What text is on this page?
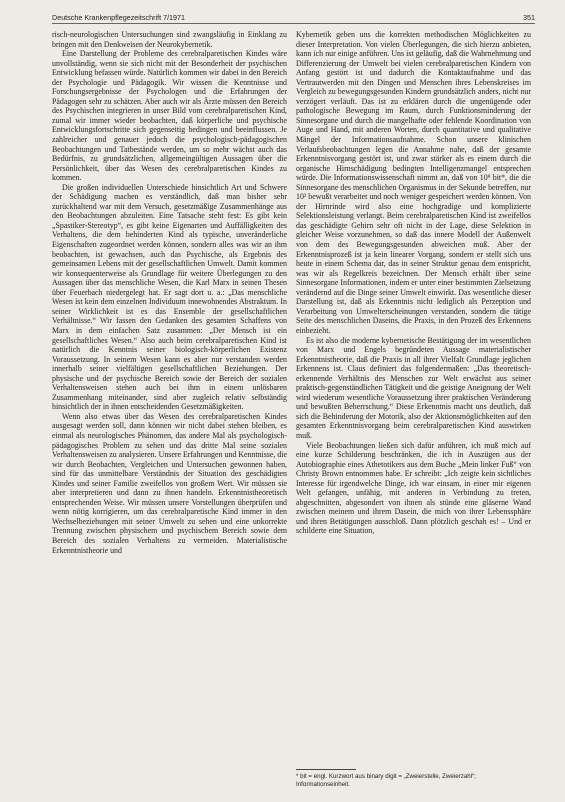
Deutsche Krankenpflegezeitschrift 7/1971	351

risch-neurologischen Untersuchungen sind zwangsläufig in Einklang zu bringen mit den Denkweisen der Neurokybernetik.

Eine Darstellung der Probleme des cerebralparetischen Kindes wäre unvollständig, wenn sie sich nicht mit der Besonderheit der psychischen Entwicklung befassen würde. Natürlich kommen wir dabei in den Bereich der Psychologie und Pädagogik. Wir wissen die Kenntnisse und Forschungsergebnisse der Psychologen und die Erfahrungen der Pädagogen sehr zu schätzen. Aber auch wir als Ärzte müssen den Bereich des Psychischen integrieren in unser Bild vom cerebralparetischen Kind, zumal wir immer wieder beobachten, daß körperliche und psychische Entwicklungsfortschritte sich gegenseitig bedingen und beeinflussen. Je zahlreicher und genauer jedoch die psychologisch-pädagogischen Beobachtungen und Tatbestände werden, um so mehr wächst auch das Bedürfnis, zu grundsätzlichen, allgemeingültigen Aussagen über die Persönlichkeit, über das Wesen des cerebralparetischen Kindes zu kommen.

Die großen individuellen Unterschiede hinsichtlich Art und Schwere der Schädigung machen es verständlich, daß man bisher sehr zurückhaltend war mit dem Versuch, gesetzmäßige Zusammenhänge aus den Beobachtungen abzuleiten. Eine Tatsache steht fest: Es gibt kein „Spastiker-Stereotyp“, es gibt keine Eigenarten und Auffälligkeiten des Verhaltens, die dem behinderten Kind als typische, unveränderliche Eigenschaften zugeordnet werden können, sondern alles was wir an ihm beobachten, ist gewachsen, auch das Psychische, als Ergebnis des gemeinsamen Lebens mit der gesellschaftlichen Umwelt. Damit kommen wir konsequenterweise als Grundlage für weitere Überlegungen zu den Aussagen über das menschliche Wesen, die Karl Marx in seinen Thesen über Feuerbach niedergelegt hat. Er sagt dort u. a.: „Das menschliche Wesen ist kein dem einzelnen Individuum innewohnendes Abstraktum. In seiner Wirklichkeit ist es das Ensemble der gesellschaftlichen Verhältnisse.“ Wir fassen den Gedanken des gesamten Schaffens von Marx in dem einfachen Satz zusammen: „Der Mensch ist ein gesellschaftliches Wesen.“ Also auch beim cerebralparetischen Kind ist natürlich die Kenntnis seiner biologisch-körperlichen Existenz Voraussetzung. In seinem Wesen kann es aber nur verstanden werden innerhalb seiner vielfältigen gesellschaftlichen Beziehungen. Der physische und der psychische Bereich sowie der Bereich der sozialen Verhaltensweisen stehen auch bei ihm in einem unlösbaren Zusammenhang miteinander, sind aber zugleich relativ selbständig hinsichtlich der in ihnen entscheidenden Gesetzmäßigkeiten.

Wenn also etwas über das Wesen des cerebralparetischen Kindes ausgesagt werden soll, dann können wir nicht dabei stehen bleiben, es einmal als neurologisches Phänomen, das andere Mal als psychologisch-pädagogisches Problem zu sehen und das dritte Mal seine sozialen Verhaltensweisen zu analysieren. Unsere Erfahrungen und Kenntnisse, die wir durch Beobachten, Vergleichen und Untersuchen gewonnen haben, sind für das unmittelbare Verständnis der Situation des geschädigten Kindes und seiner Familie zweifellos von großem Wert. Wir müssen sie aber interpretieren und dann zu ihnen handeln. Erkenntnistheoretisch entsprechenden Weise. Wir müssen unsere Vorstellungen überprüfen und wenn nötig korrigieren, um das cerebralparetische Kind immer in den Wechselbeziehungen mit seiner Umwelt zu sehen und eine unkorrekte Trennung zwischen physischem und psychischem Bereich sowie dem Bereich des sozialen Verhaltens zu vermeiden. Materialistische Erkenntnistheorie und

Kybernetik geben uns die korrekten methodischen Möglichkeiten zu dieser Interpretation. Von vielen Überlegungen, die sich hierzu anbieten, kann ich nur einige anführen. Uns ist geläufig, daß die Wahrnehmung und Differenzierung der Umwelt bei vielen cerebralparetischen Kindern von Anfang gestört ist und dadurch die Kontaktaufnahme und das Vertrautwerden mit den Dingen und Menschen ihres Lebenskreises im Vergleich zu bewegungsgesunden Kindern grundsätzlich anders, nicht nur verzögert verläuft. Das ist zu erklären durch die ungenügende oder pathologische Bewegung im Raum, durch Funktionsminderung der Sinnesorgane und durch die mangelhafte oder fehlende Koordination von Auge und Hand, mit anderen Worten, durch quantitative und qualitative Mängel der Informationsaufnahme. Schon unsere klinischen Verlaufsbeobachtungen legen die Annahme nahe, daß der gesamte Erkenntnisvorgang gestört ist, und zwar stärker als es einem durch die organische Hirnschädigung bedingten Intelligenzmangel entsprechen würde. Die Informationswissenschaft nimmt an, daß von 10⁹ bit*, die die Sinnesorgane des menschlichen Organismus in der Sekunde betreffen, nur 10² bewußt verarbeitet und noch weniger gespeichert werden können. Von der Hirnrinde wird also eine hochgradige und komplizierte Selektionsleistung verlangt. Beim cerebralparetischen Kind ist zweifellos das geschädigte Gehirn sehr oft nicht in der Lage, diese Selektion in gleicher Weise vorzunehmen, so daß das innere Modell der Außenwelt von dem des Bewegungsgesunden abweichen muß. Aber der Erkenntnisprozeß ist ja kein linearer Vorgang, sondern er stellt sich uns heute in einem Schema dar, das in seiner Struktur genau dem entspricht, was wir als Regelkreis bezeichnen. Der Mensch erhält über seine Sinnesorgane Informationen, indem er unter einer bestimmten Zielsetzung verändernd auf die Dinge seiner Umwelt einwirkt. Das wesentliche dieser Darstellung ist, daß als Erkenntnis nicht lediglich als Perzeption und Verarbeitung von Umwelterscheinungen verstanden, sondern die tätige Seite des menschlichen Daseins, die Praxis, in den Prozeß des Erkennens einbezieht.

Es ist also die moderne kybernetische Bestätigung der im wesentlichen von Marx und Engels begründeten Aussage materialistischer Erkenntnistheorie, daß die Praxis in all ihrer Vielfalt Grundlage jeglichen Erkennens ist. Claus definiert das folgendermaßen: „Das theoretisch-erkennende Verhältnis des Menschen zur Welt erwächst aus seiner praktisch-gegenständlichen Tätigkeit und die geistige Aneignung der Welt wird wiederum wesentliche Voraussetzung ihrer praktischen Veränderung und bewußten Beherrschung.“ Diese Erkenntnis macht uns deutlich, daß sich die Behinderung der Motorik, also der Aktionsmöglichkeiten auf den gesamten Erkenntnisvorgang beim cerebralparetischen Kind auswirken muß.

Viele Beobachtungen ließen sich dafür anführen, ich muß mich auf eine kurze Schilderung beschränken, die ich in Auszügen aus der Autobiographie eines Athetotikers aus dem Buche „Mein linker Fuß“ von Christy Brown entnommen habe. Er schreibt: „Ich zeigte kein sichtliches Interesse für irgendwelche Dinge, ich war einsam, in einer mir eigenen Welt gefangen, unfähig, mit anderen in Verbindung zu treten, abgeschnitten, abgesondert von ihnen als stünde eine gläserne Wand zwischen meinem und ihrem Dasein, die mich von ihrer Lebenssphäre und ihren Betätigungen ausschloß. Dann plötzlich geschah es! – Und er schilderte eine Situation,

* bit = engl. Kurzwort aus binary digit = „Zweierstelle, Zweierzahl“; Informationseinheit.
